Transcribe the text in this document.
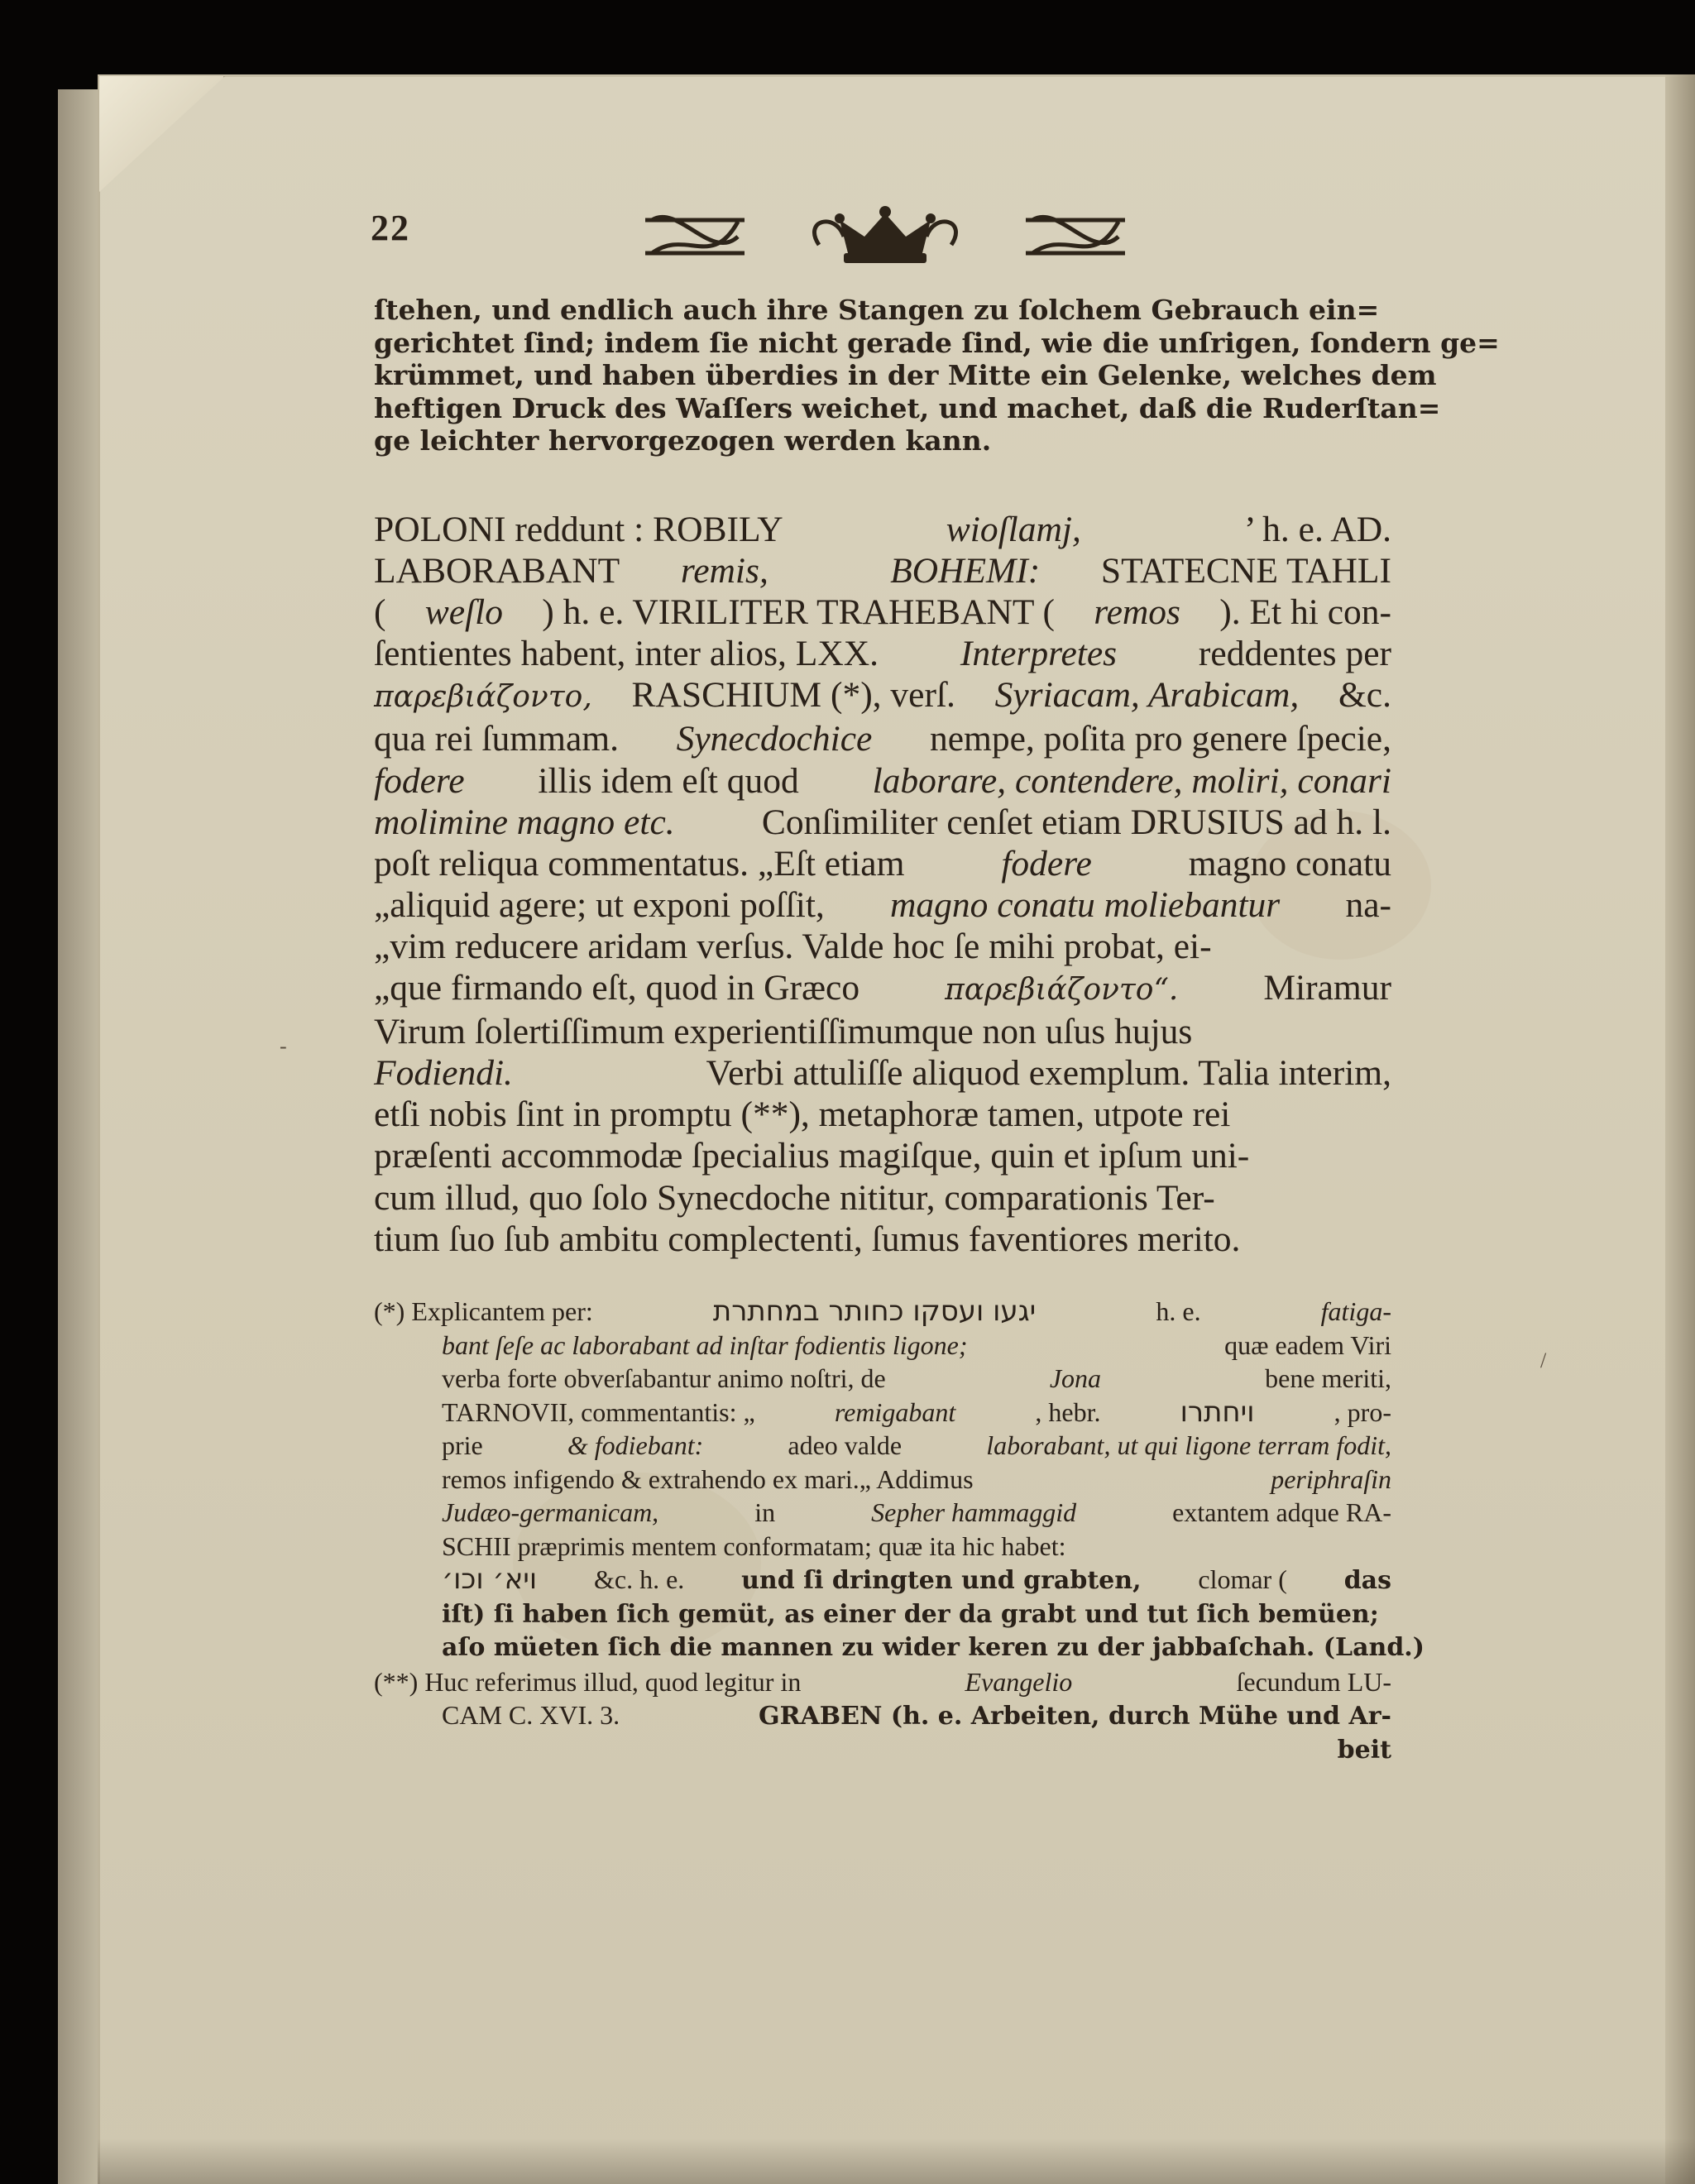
22
ſtehen, und endlich auch ihre Stangen zu ſolchem Gebrauch ein=
gerichtet ſind; indem ſie nicht gerade ſind, wie die unſrigen, ſondern ge=
krümmet, und haben überdies in der Mitte ein Gelenke, welches dem
heftigen Druck des Waſſers weichet, und machet, daß die Ruderſtan=
ge leichter hervorgezogen werden kann.
POLONI reddunt : ROBILY	wioſlamj,	’ h. e. AD.
LABORABANT remis,	BOHEMI: STATECNE TAHLI
( weſlo ) h. e. VIRILITER TRAHEBANT ( remos ). Et hi con-
ſentientes habent, inter alios, LXX. Interpretes reddentes per
παρεβιάζοντο, RASCHIUM (*), verſ. Syriacam, Arabicam, &c.
qua rei ſummam. Synecdochice nempe, poſita pro genere ſpecie,
fodere illis idem eſt quod laborare, contendere, moliri, conari
molimine magno etc. Conſimiliter cenſet etiam DRUSIUS ad h. l.
poſt reliqua commentatus. „Eſt etiam	fodere	magno conatu
„aliquid agere; ut exponi poſſit, magno conatu moliebantur na-
„vim reducere aridam verſus. Valde hoc ſe mihi probat, ei-
„que firmando eſt, quod in Græco	παρεβιάζοντο“. Miramur
Virum ſolertiſſimum experientiſſimumque non uſus hujus
Fodiendi.	Verbi attuliſſe aliquod exemplum. Talia interim,
etſi nobis ſint in promptu (**), metaphoræ tamen, utpote rei
præſenti accommodæ ſpecialius magiſque, quin et ipſum uni-
cum illud, quo ſolo Synecdoche nititur, comparationis Ter-
tium ſuo ſub ambitu complectenti, ſumus faventiores merito.
(*) Explicantem per:	יגעו ועסקו כחותר במחתרת	h. e.	fatiga-
bant ſeſe ac laborabant ad inſtar fodientis ligone;	quæ eadem Viri
verba forte obverſabantur animo noſtri, de	Jona	bene meriti,
TARNOVII, commentantis: „	remigabant	, hebr.	ויחתרו	, pro-
prie	& fodiebant:	adeo valde	laborabant, ut qui ligone terram fodit,
remos infigendo & extrahendo ex mari.„ Addimus	periphraſin
Judæo-germanicam,	in	Sepher hammaggid	extantem adque RA-
SCHII præprimis mentem conformatam; quæ ita hic habet:
ויא׳ וכו׳ &c. h. e. und ſi dringten und grabten, clomar ( das
iſt) ſi haben ſich gemüt, as einer der da grabt und tut ſich bemüen;
aſo müeten ſich die mannen zu wider keren zu der jabbaſchah. (Land.)
(**) Huc referimus illud, quod legitur in	Evangelio	ſecundum LU-
CAM C. XVI. 3.	GRABEN (h. e. Arbeiten, durch Mühe und Ar-
beit
-
/
